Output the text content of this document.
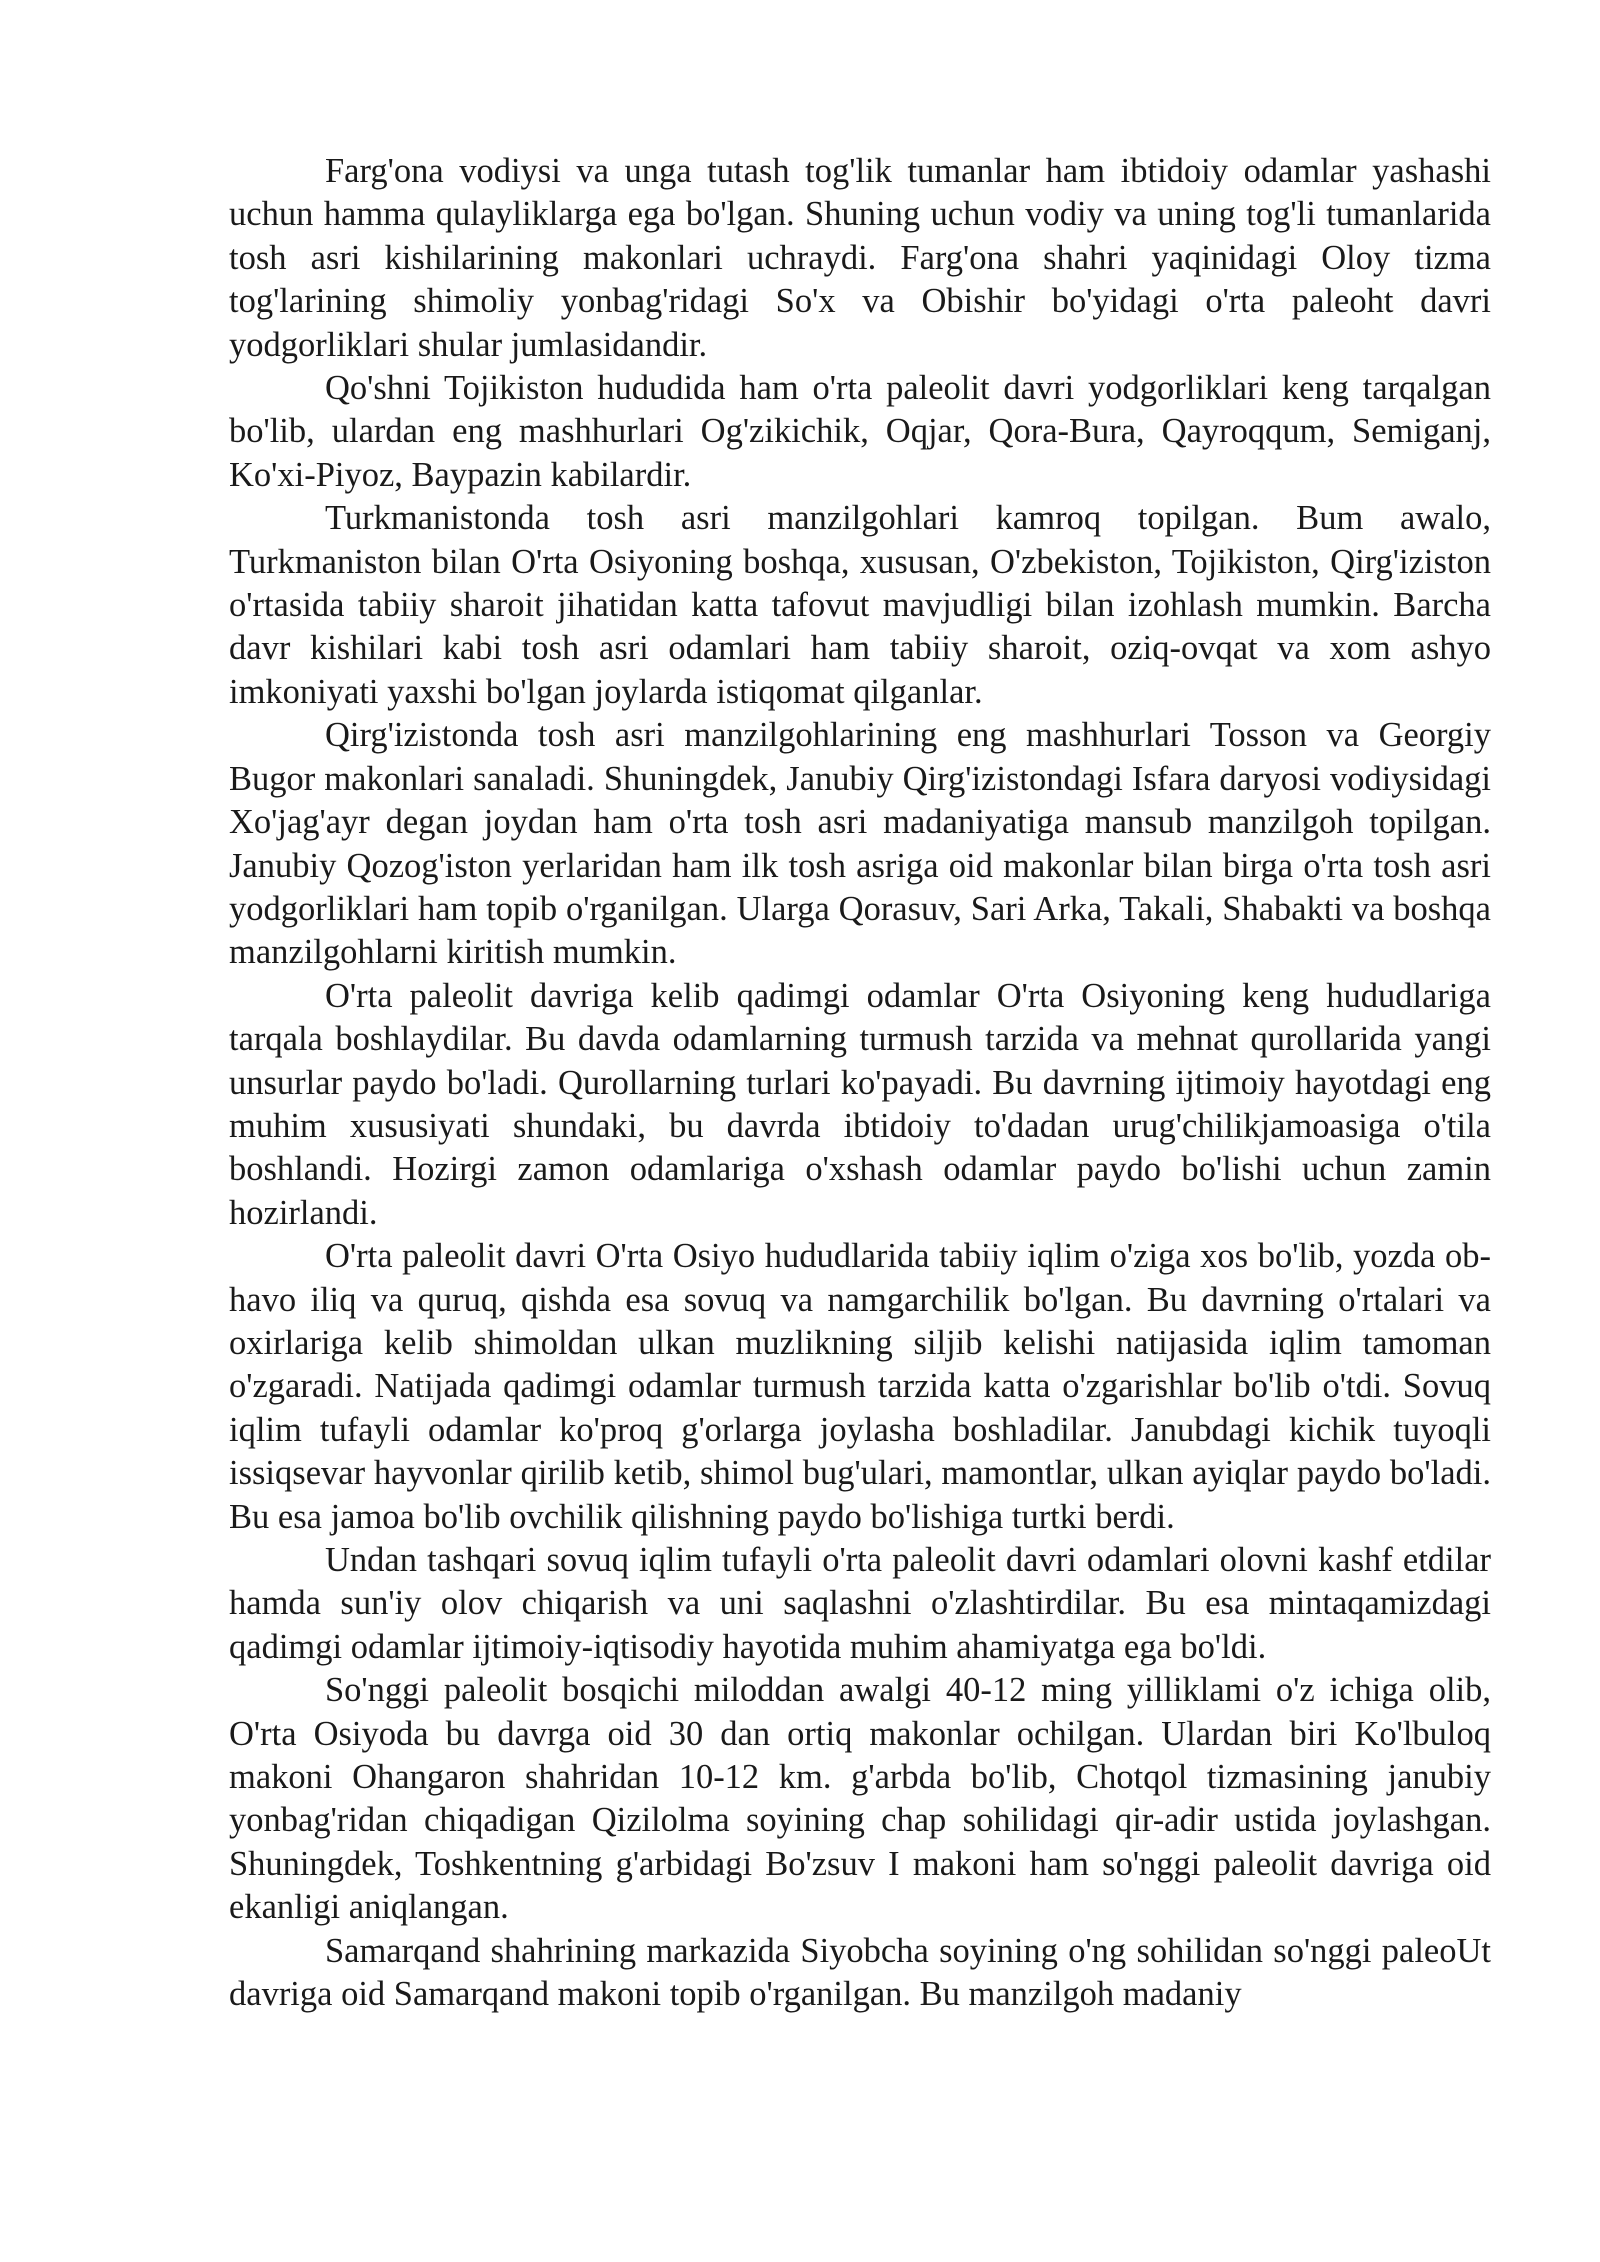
Farg'ona vodiysi va unga tutash tog'lik tumanlar ham ibtidoiy odamlar yashashi uchun hamma qulayliklarga ega bo'lgan. Shuning uchun vodiy va uning tog'li tumanlarida tosh asri kishilarining makonlari uchraydi. Farg'ona shahri yaqinidagi Oloy tizma tog'larining shimoliy yonbag'ridagi So'x va Obishir bo'yidagi o'rta paleoht davri yodgorliklari shular jumlasidandir.

Qo'shni Tojikiston hududida ham o'rta paleolit davri yodgorliklari keng tarqalgan bo'lib, ulardan eng mashhurlari Og'zikichik, Oqjar, Qora-Bura, Qayroqqum, Semiganj, Ko'xi-Piyoz, Baypazin kabilardir.

Turkmanistonda tosh asri manzilgohlari kamroq topilgan. Bum awalo, Turkmaniston bilan O'rta Osiyoning boshqa, xususan, O'zbekiston, Tojikiston, Qirg'iziston o'rtasida tabiiy sharoit jihatidan katta tafovut mavjudligi bilan izohlash mumkin. Barcha davr kishilari kabi tosh asri odamlari ham tabiiy sharoit, oziq-ovqat va xom ashyo imkoniyati yaxshi bo'lgan joylarda istiqomat qilganlar.

Qirg'izistonda tosh asri manzilgohlarining eng mashhurlari Tosson va Georgiy Bugor makonlari sanaladi. Shuningdek, Janubiy Qirg'izistondagi Isfara daryosi vodiysidagi Xo'jag'ayr degan joydan ham o'rta tosh asri madaniyatiga mansub manzilgoh topilgan. Janubiy Qozog'iston yerlaridan ham ilk tosh asriga oid makonlar bilan birga o'rta tosh asri yodgorliklari ham topib o'rganilgan. Ularga Qorasuv, Sari Arka, Takali, Shabakti va boshqa manzilgohlarni kiritish mumkin.

O'rta paleolit davriga kelib qadimgi odamlar O'rta Osiyoning keng hududlariga tarqala boshlaydilar. Bu davda odamlarning turmush tarzida va mehnat qurollarida yangi unsurlar paydo bo'ladi. Qurollarning turlari ko'payadi. Bu davrning ijtimoiy hayotdagi eng muhim xususiyati shundaki, bu davrda ibtidoiy to'dadan urug'chilikjamoasiga o'tila boshlandi. Hozirgi zamon odamlariga o'xshash odamlar paydo bo'lishi uchun zamin hozirlandi.

O'rta paleolit davri O'rta Osiyo hududlarida tabiiy iqlim o'ziga xos bo'lib, yozda ob-havo iliq va quruq, qishda esa sovuq va namgarchilik bo'lgan. Bu davrning o'rtalari va oxirlariga kelib shimoldan ulkan muzlikning siljib kelishi natijasida iqlim tamoman o'zgaradi. Natijada qadimgi odamlar turmush tarzida katta o'zgarishlar bo'lib o'tdi. Sovuq iqlim tufayli odamlar ko'proq g'orlarga joylasha boshladilar. Janubdagi kichik tuyoqli issiqsevar hayvonlar qirilib ketib, shimol bug'ulari, mamontlar, ulkan ayiqlar paydo bo'ladi. Bu esa jamoa bo'lib ovchilik qilishning paydo bo'lishiga turtki berdi.

Undan tashqari sovuq iqlim tufayli o'rta paleolit davri odamlari olovni kashf etdilar hamda sun'iy olov chiqarish va uni saqlashni o'zlashtirdilar. Bu esa mintaqamizdagi qadimgi odamlar ijtimoiy-iqtisodiy hayotida muhim ahamiyatga ega bo'ldi.

So'nggi paleolit bosqichi miloddan awalgi 40-12 ming yilliklami o'z ichiga olib, O'rta Osiyoda bu davrga oid 30 dan ortiq makonlar ochilgan. Ulardan biri Ko'lbuloq makoni Ohangaron shahridan 10-12 km. g'arbda bo'lib, Chotqol tizmasining janubiy yonbag'ridan chiqadigan Qizilolma soyining chap sohilidagi qir-adir ustida joylashgan. Shuningdek, Toshkentning g'arbidagi Bo'zsuv I makoni ham so'nggi paleolit davriga oid ekanligi aniqlangan.

Samarqand shahrining markazida Siyobcha soyining o'ng sohilidan so'nggi paleoUt davriga oid Samarqand makoni topib o'rganilgan. Bu manzilgoh madaniy
